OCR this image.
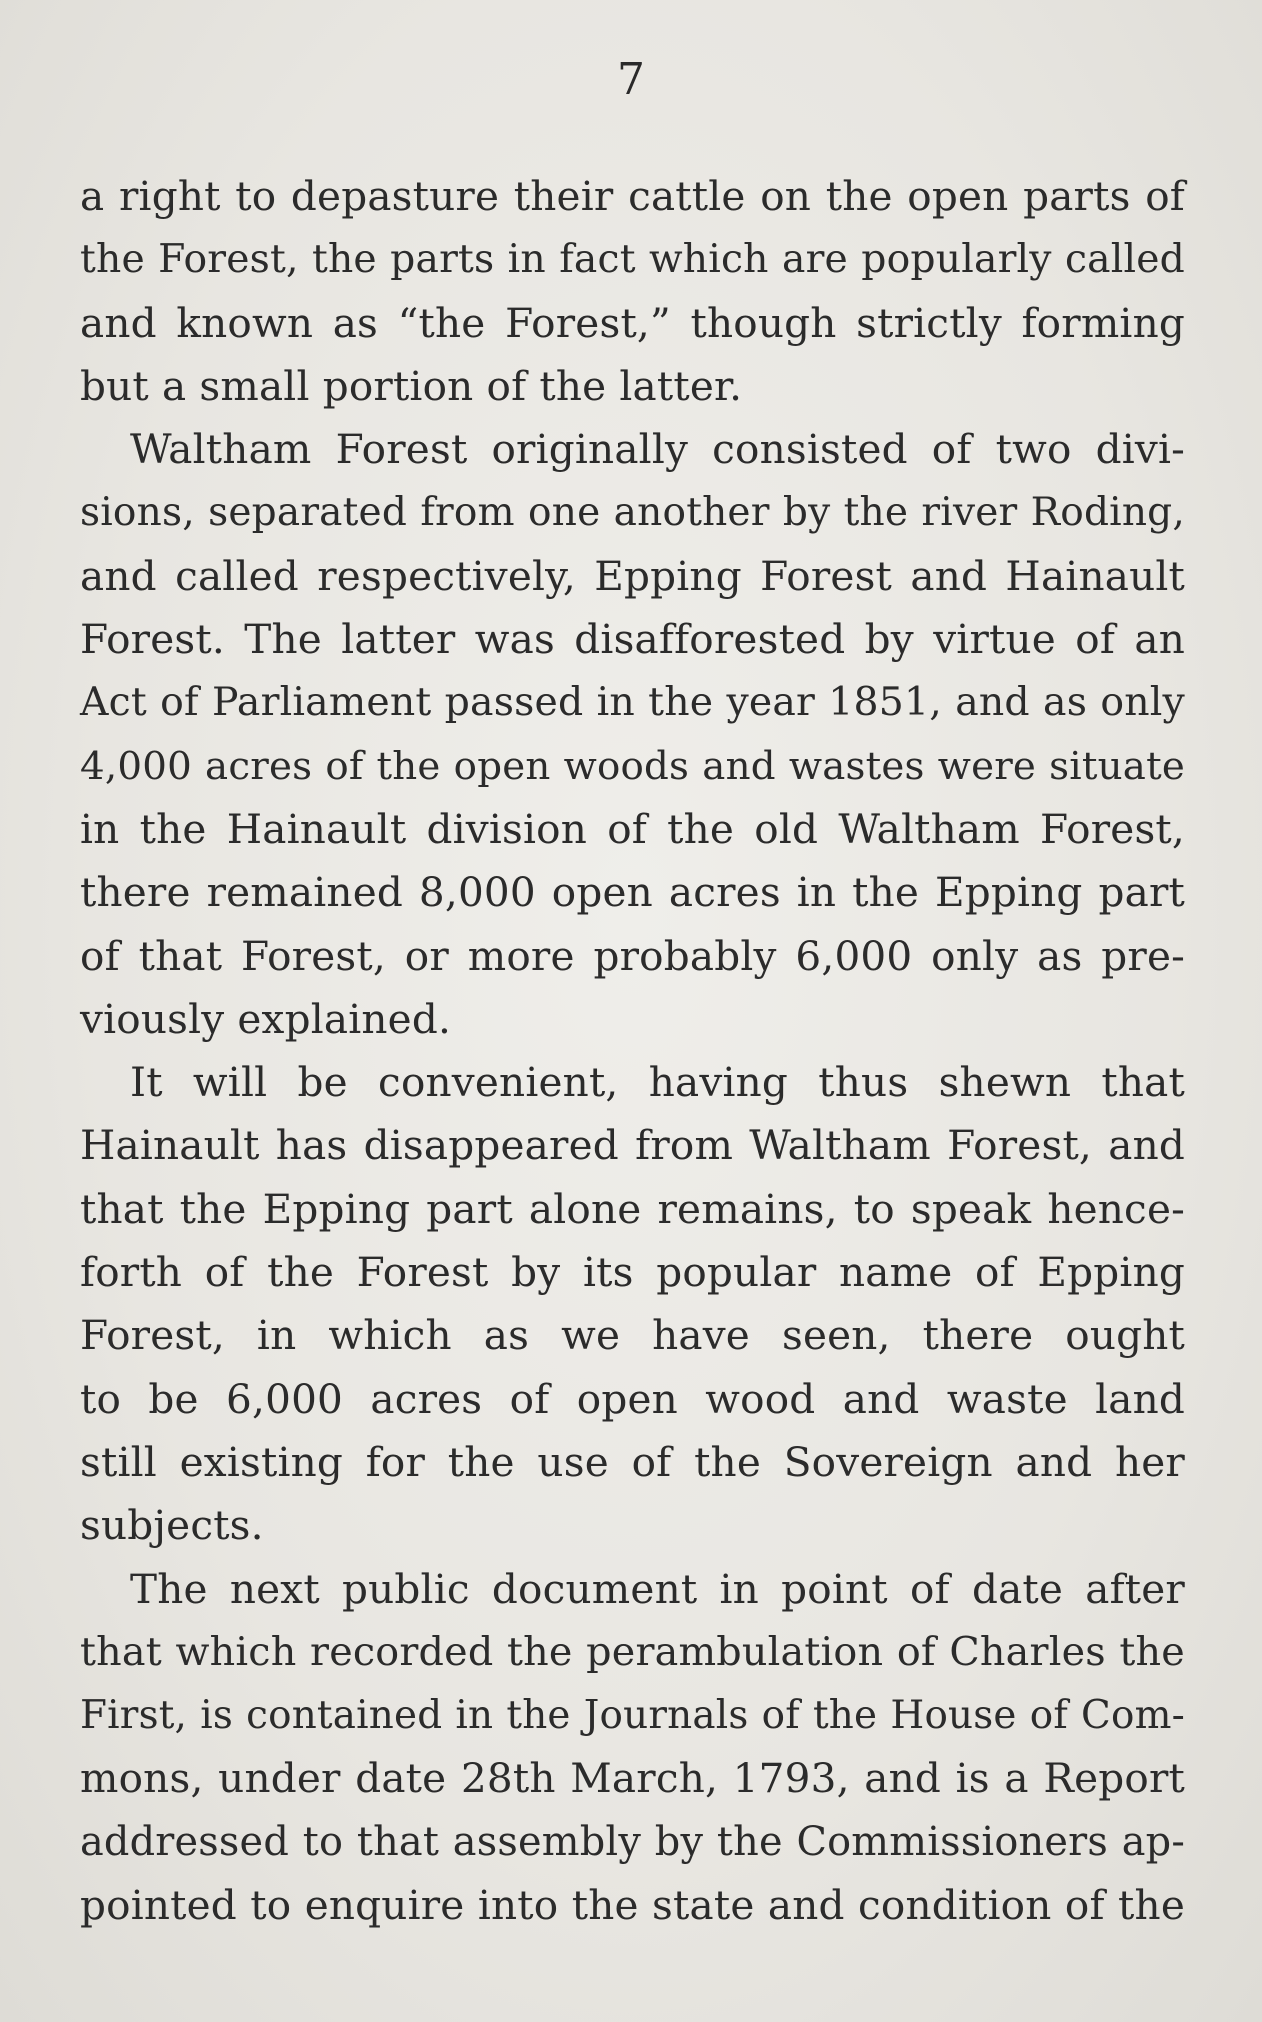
7
a right to depasture their cattle on the open parts of
the Forest, the parts in fact which are popularly called
and known as “the Forest,” though strictly forming
but a small portion of the latter.
Waltham Forest originally consisted of two divi-
sions, separated from one another by the river Roding,
and called respectively, Epping Forest and Hainault
Forest. The latter was disafforested by virtue of an
Act of Parliament passed in the year 1851, and as only
4,000 acres of the open woods and wastes were situate
in the Hainault division of the old Waltham Forest,
there remained 8,000 open acres in the Epping part
of that Forest, or more probably 6,000 only as pre-
viously explained.
It will be convenient, having thus shewn that
Hainault has disappeared from Waltham Forest, and
that the Epping part alone remains, to speak hence-
forth of the Forest by its popular name of Epping
Forest, in which as we have seen, there ought
to be 6,000 acres of open wood and waste land
still existing for the use of the Sovereign and her
subjects.
The next public document in point of date after
that which recorded the perambulation of Charles the
First, is contained in the Journals of the House of Com-
mons, under date 28th March, 1793, and is a Report
addressed to that assembly by the Commissioners ap-
pointed to enquire into the state and condition of the
